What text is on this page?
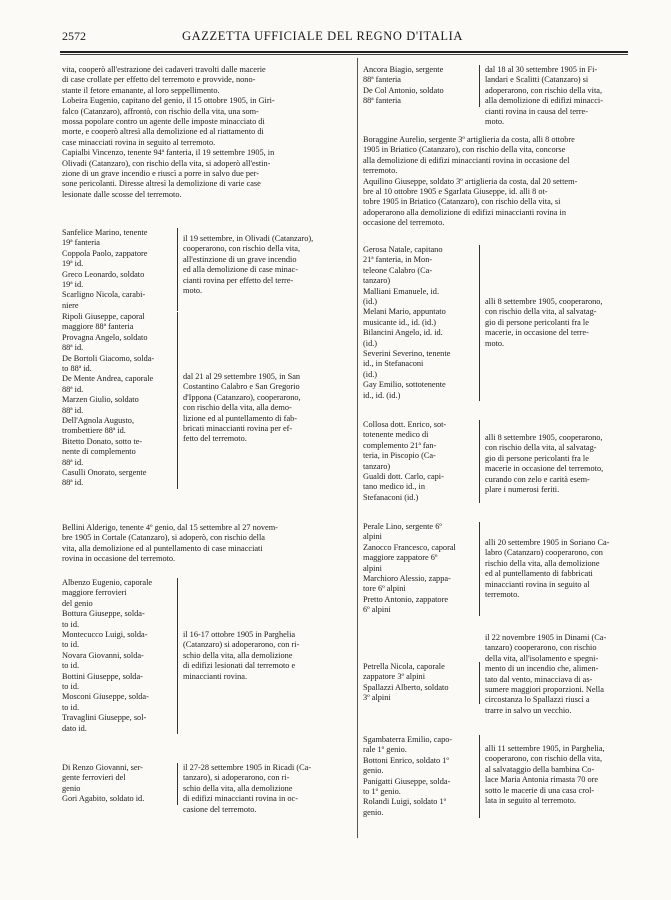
2572	GAZZETTA UFFICIALE DEL REGNO D'ITALIA
vita, cooperò all'estrazione dei cadaveri travolti dalle macerie
di case crollate per effetto del terremoto e provvide, nono-
stante il fetore emanante, al loro seppellimento.
Lobeira Eugenio, capitano del genio, il 15 ottobre 1905, in Giri-
falco (Catanzaro), affrontò, con rischio della vita, una som-
mossa popolare contro un agente delle imposte minacciato di
morte, e cooperò altresì alla demolizione ed al riattamento di
case minacciati rovina in seguito al terremoto.
Capialbi Vincenzo, tenente 94ª fanteria, il 19 settembre 1905, in
Olivadi (Catanzaro), con rischio della vita, si adoperò all'estin-
zione di un grave incendio e riuscì a porre in salvo due per-
sone pericolanti. Diresse altresì la demolizione di varie case
lesionate dalle scosse del terremoto.
Sanfelice Marino, tenente
19ª fanteria
Coppola Paolo, zappatore
19ª id.
Greco Leonardo, soldato
19ª id.
Scarligno Nicola, carabi-
niere
il 19 settembre, in Olivadi (Catanzaro),
cooperarono, con rischio della vita,
all'estinzione di un grave incendio
ed alla demolizione di case minac-
cianti rovina per effetto del terre-
moto.
Ripoli Giuseppe, caporal
maggiore 88ª fanteria
Provagna Angelo, soldato
88ª id.
De Bortoli Giacomo, solda-
to 88ª id.
De Mente Andrea, caporale
88ª id.
Marzen Giulio, soldato
88ª id.
Dell'Agnola Augusto,
trombettiere 88ª id.
Bitetto Donato, sotto te-
nente di complemento
88ª id.
Casulli Onorato, sergente
88ª id.
dal 21 al 29 settembre 1905, in San
Costantino Calabro e San Gregorio
d'Ippona (Catanzaro), cooperarono,
con rischio della vita, alla demo-
lizione ed al puntellamento di fab-
bricati minaccianti rovina per ef-
fetto del terremoto.
Bellini Alderigo, tenente 4º genio, dal 15 settembre al 27 novem-
bre 1905 in Cortale (Catanzaro), si adoperò, con rischio della
vita, alla demolizione ed al puntellamento di case minacciati
rovina in occasione del terremoto.
Albenzo Eugenio, caporale
maggiore ferrovieri
del genio
Bottura Giuseppe, solda-
to id.
Montecucco Luigi, solda-
to id.
Novara Giovanni, solda-
to id.
Bottini Giuseppe, solda-
to id.
Mosconi Giuseppe, solda-
to id.
Travaglini Giuseppe, sol-
dato id.
il 16-17 ottobre 1905 in Parghelia
(Catanzaro) si adoperarono, con ri-
schio della vita, alla demolizione
di edifizi lesionati dal terremoto e
minaccianti rovina.
Di Renzo Giovanni, ser-
gente ferrovieri del
genio
Gori Agabito, soldato id.
il 27-28 settembre 1905 in Ricadi (Ca-
tanzaro), si adoperarono, con ri-
schio della vita, alla demolizione
di edifizi minaccianti rovina in oc-
casione del terremoto.
Ancora Biagio, sergente
88ª fanteria
De Col Antonio, soldato
88ª fanteria
dal 18 al 30 settembre 1905 in Fi-
landari e Scalitti (Catanzaro) si
adoperarono, con rischio della vita,
alla demolizione di edifizi minacci-
cianti rovina in causa del terre-
moto.
Boraggine Aurelio, sergente 3º artiglieria da costa, alli 8 ottobre
1905 in Briatico (Catanzaro), con rischio della vita, concorse
alla demolizione di edifizi minaccianti rovina in occasione del
terremoto.
Aquilino Giuseppe, soldato 3º artiglieria da costa, dal 20 settem-
bre al 10 ottobre 1905 e Sgarlata Giuseppe, id. alli 8 ot-
tobre 1905 in Briatico (Catanzaro), con rischio della vita, si
adoperarono alla demolizione di edifizi minaccianti rovina in
occasione del terremoto.
Gerosa Natale, capitano
21ª fanteria, in Mon-
teleone Calabro (Ca-
tanzaro)
Malliani Emanuele, id.
(id.)
Melani Mario, appuntato
musicante id., id. (id.)
Bilancini Angelo, id. id.
(id.)
Severini Severino, tenente
id., in Stefanaconi
(id.)
Gay Emilio, sottotenente
id., id. (id.)
alli 8 settembre 1905, cooperarono,
con rischio della vita, al salvatag-
gio di persone pericolanti fra le
macerie, in occasione del terre-
moto.
Collosa dott. Enrico, sot-
totenente medico di
complemento 21ª fan-
teria, in Piscopio (Ca-
tanzaro)
Gualdi dott. Carlo, capi-
tano medico id., in
Stefanaconi (id.)
alli 8 settembre 1905, cooperarono,
con rischio della vita, al salvatag-
gio di persone pericolanti fra le
macerie in occasione del terremoto,
curando con zelo e carità esem-
plare i numerosi feriti.
Perale Lino, sergente 6º
alpini
Zanocco Francesco, caporal
maggiore zappatore 6º
alpini
Marchioro Alessio, zappa-
tore 6º alpini
Pretto Antonio, zappatore
6º alpini
alli 20 settembre 1905 in Soriano Ca-
labro (Catanzaro) cooperarono, con
rischio della vita, alla demolizione
ed al puntellamento di fabbricati
minaccianti rovina in seguito al
terremoto.
Petrella Nicola, caporale
zappatore 3º alpini
Spallazzi Alberto, soldato
3º alpini
il 22 novembre 1905 in Dinami (Ca-
tanzaro) cooperarono, con rischio
della vita, all'isolamento e spegni-
mento di un incendio che, alimen-
tato dal vento, minacciava di as-
sumere maggiori proporzioni. Nella
circostanza lo Spallazzi riuscì a
trarre in salvo un vecchio.
Sgambaterra Emilio, capo-
rale 1º genio.
Bottoni Enrico, soldato 1º
genio.
Panigatti Giuseppe, solda-
to 1º genio.
Rolandi Luigi, soldato 1º
genio.
alli 11 settembre 1905, in Parghelia,
cooperarono, con rischio della vita,
al salvataggio della bambina Co-
lace Maria Antonia rimasta 70 ore
sotto le macerie di una casa crol-
lata in seguito al terremoto.
